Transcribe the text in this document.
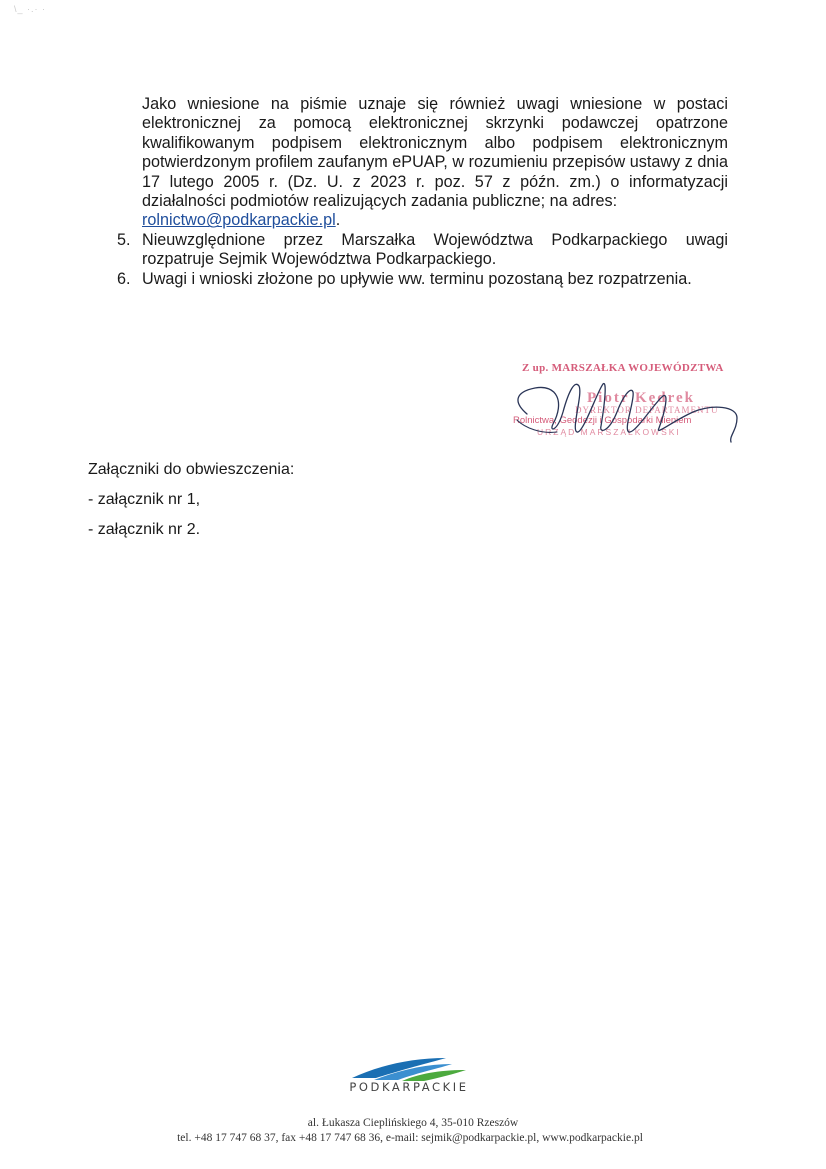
\_ ·.· ·

Jako wniesione na piśmie uznaje się również uwagi wniesione w postaci elektronicznej za pomocą elektronicznej skrzynki podawczej opatrzone kwalifikowanym podpisem elektronicznym albo podpisem elektronicznym potwierdzonym profilem zaufanym ePUAP, w rozumieniu przepisów ustawy z dnia 17 lutego 2005 r. (Dz. U. z 2023 r. poz. 57 z późn. zm.) o informatyzacji działalności podmiotów realizujących zadania publiczne; na adres:
rolnictwo@podkarpackie.pl.

5. Nieuwzględnione przez Marszałka Województwa Podkarpackiego uwagi rozpatruje Sejmik Województwa Podkarpackiego.
6. Uwagi i wnioski złożone po upływie ww. terminu pozostaną bez rozpatrzenia.
Z up. MARSZAŁKA WOJEWÓDZTWA
Piotr Kędrek
DYREKTOR DEPARTAMENTU
Rolnictwa, Geodezji i Gospodarki Mieniem
URZĄD MARSZAŁKOWSKI
Załączniki do obwieszczenia:
- załącznik nr 1,
- załącznik nr 2.
PODKARPACKIE
al. Łukasza Cieplińskiego 4, 35-010 Rzeszów
tel. +48 17 747 68 37, fax +48 17 747 68 36, e-mail: sejmik@podkarpackie.pl, www.podkarpackie.pl
